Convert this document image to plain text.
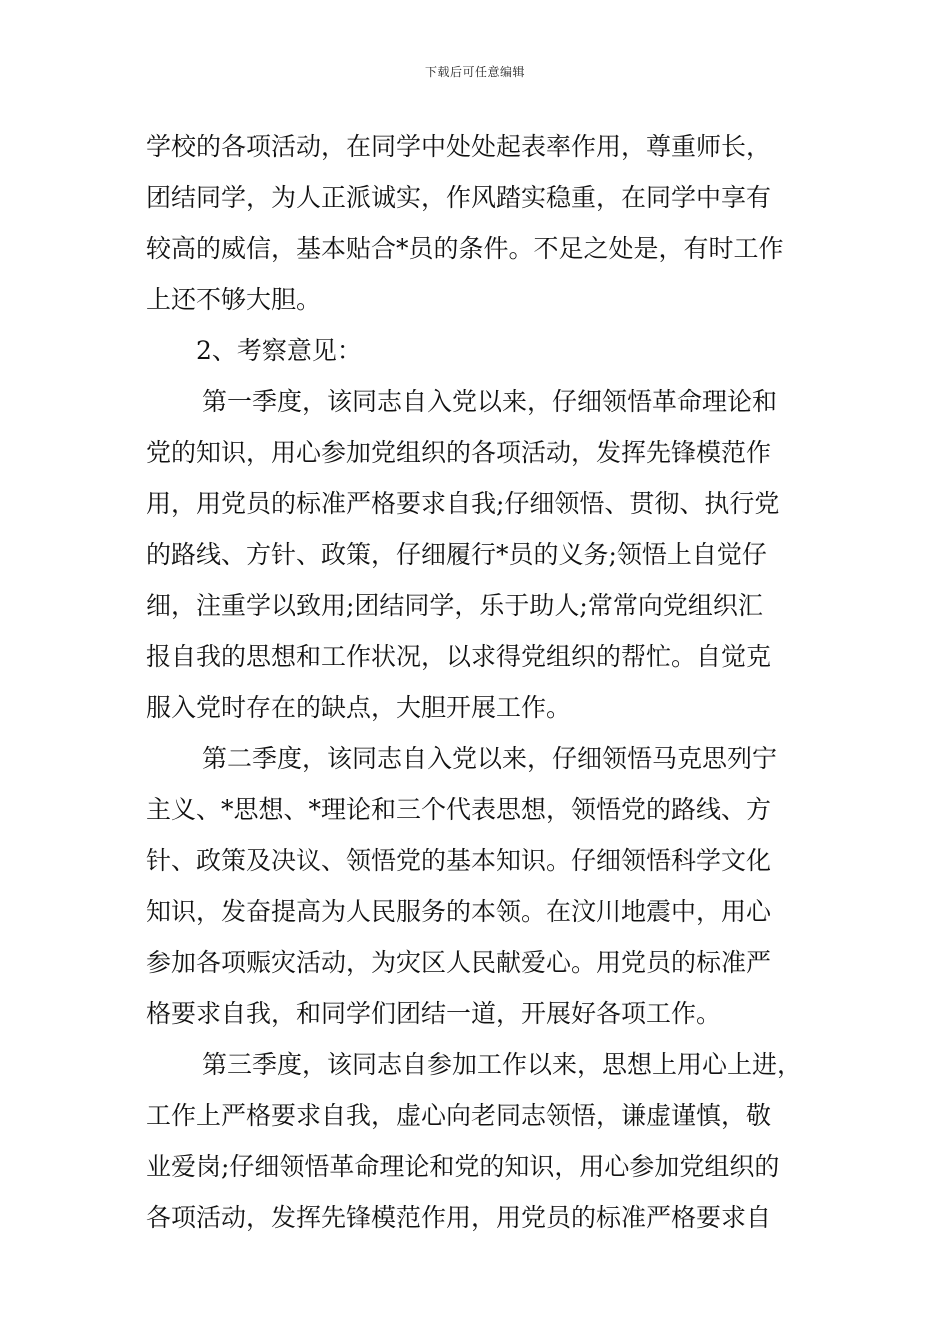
下载后可任意编辑
学校的各项活动，在同学中处处起表率作用，尊重师长，
团结同学，为人正派诚实，作风踏实稳重，在同学中享有
较高的威信，基本贴合*员的条件。不足之处是，有时工作
上还不够大胆。
2、考察意见：
第一季度，该同志自入党以来，仔细领悟革命理论和
党的知识，用心参加党组织的各项活动，发挥先锋模范作
用，用党员的标准严格要求自我;仔细领悟、贯彻、执行党
的路线、方针、政策，仔细履行*员的义务;领悟上自觉仔
细，注重学以致用;团结同学，乐于助人;常常向党组织汇
报自我的思想和工作状况，以求得党组织的帮忙。自觉克
服入党时存在的缺点，大胆开展工作。
第二季度，该同志自入党以来，仔细领悟马克思列宁
主义、*思想、*理论和三个代表思想，领悟党的路线、方
针、政策及决议、领悟党的基本知识。仔细领悟科学文化
知识，发奋提高为人民服务的本领。在汶川地震中，用心
参加各项赈灾活动，为灾区人民献爱心。用党员的标准严
格要求自我，和同学们团结一道，开展好各项工作。
第三季度，该同志自参加工作以来，思想上用心上进，
工作上严格要求自我，虚心向老同志领悟，谦虚谨慎，敬
业爱岗;仔细领悟革命理论和党的知识，用心参加党组织的
各项活动，发挥先锋模范作用，用党员的标准严格要求自
